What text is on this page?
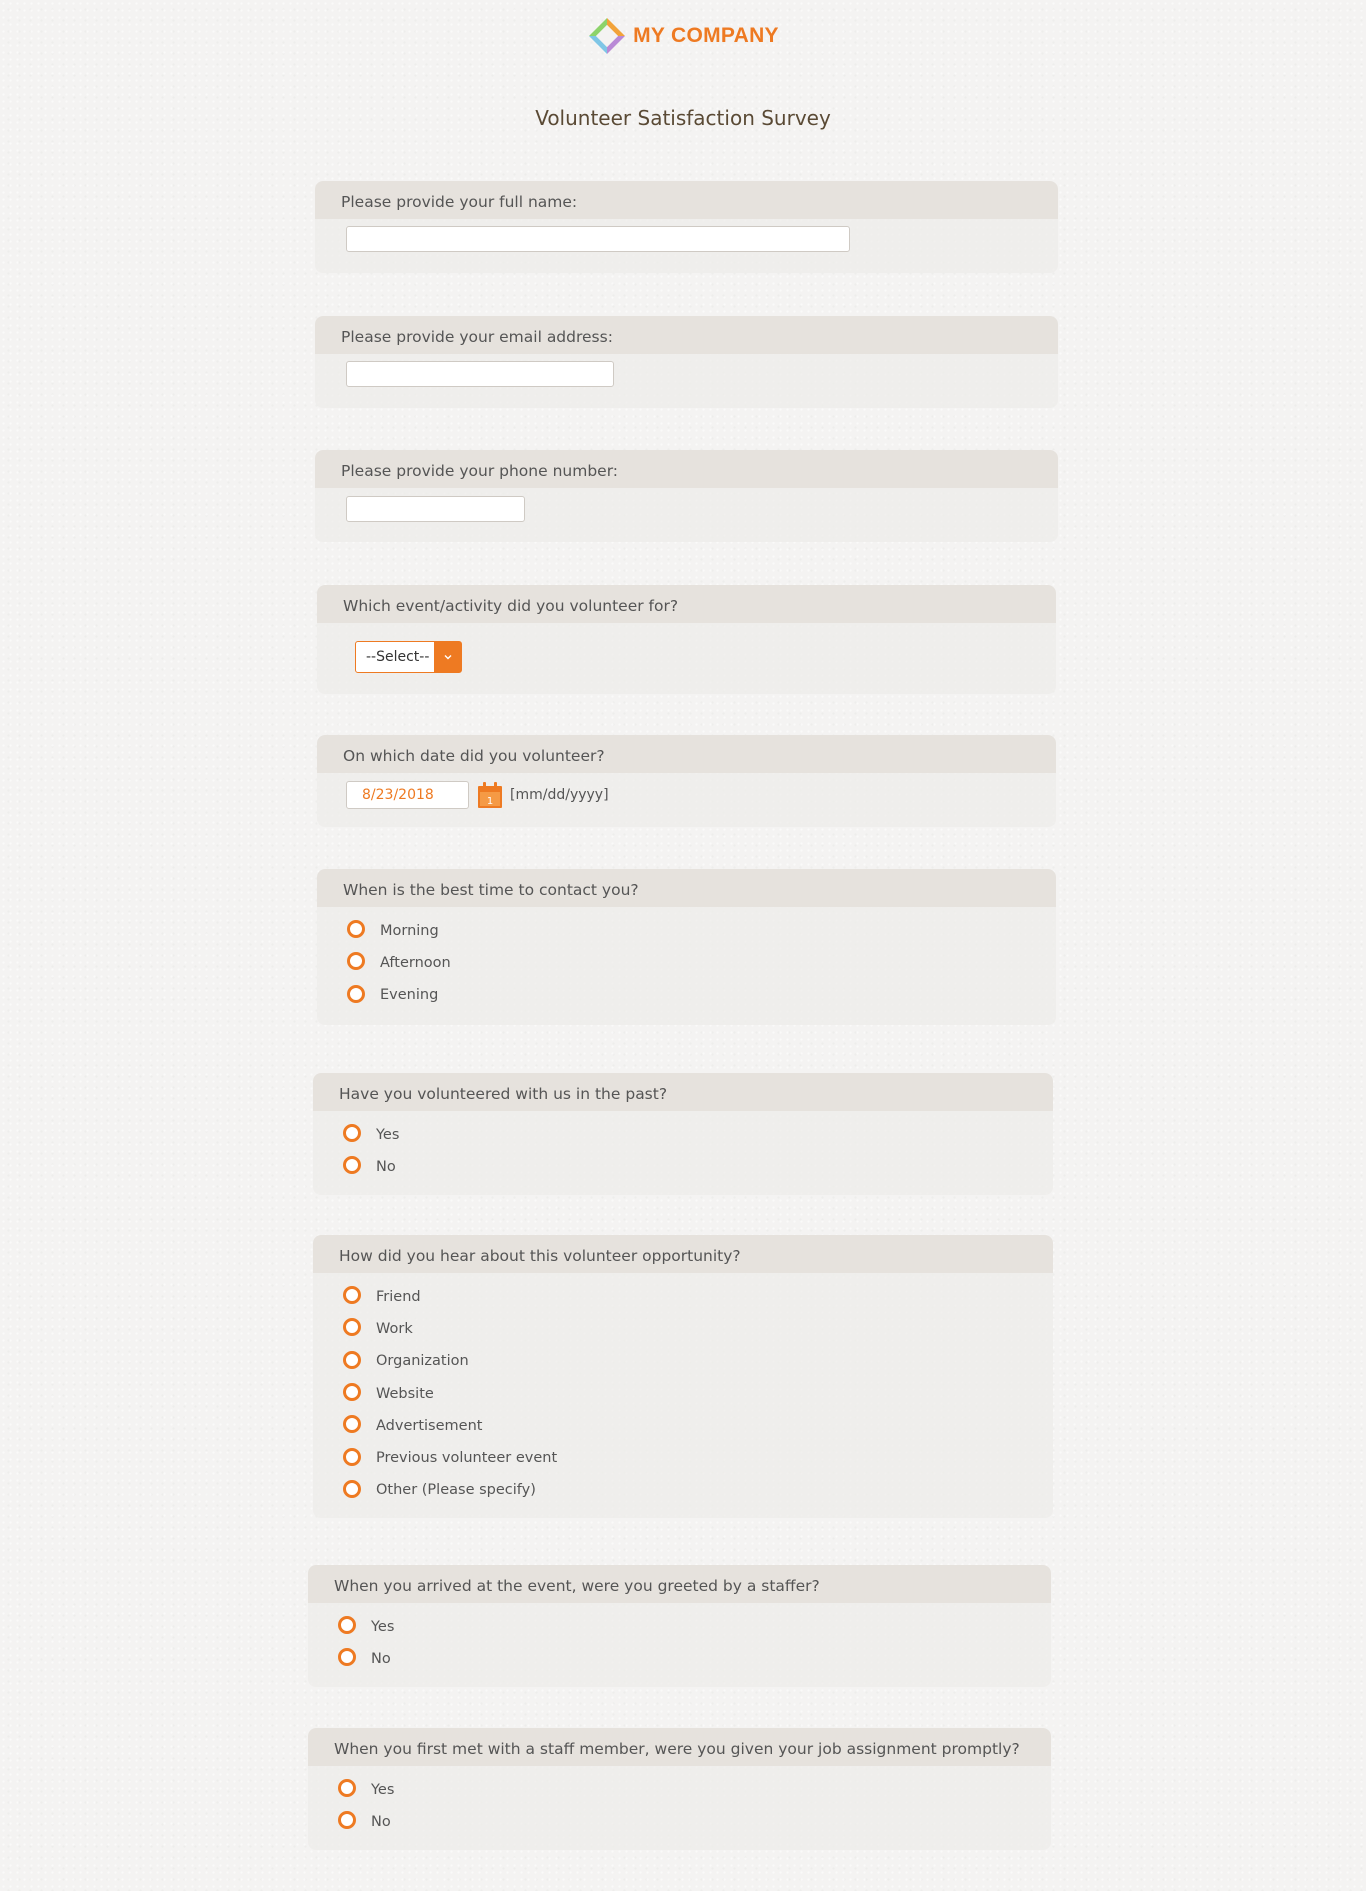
MY COMPANY
Volunteer Satisfaction Survey
Please provide your full name:
Please provide your email address:
Please provide your phone number:
Which event/activity did you volunteer for?
--Select--
On which date did you volunteer?
8/23/2018	1 [mm/dd/yyyy]
When is the best time to contact you?
Morning
Afternoon
Evening
Have you volunteered with us in the past?
Yes
No
How did you hear about this volunteer opportunity?
Friend
Work
Organization
Website
Advertisement
Previous volunteer event
Other (Please specify)
When you arrived at the event, were you greeted by a staffer?
Yes
No
When you first met with a staff member, were you given your job assignment promptly?
Yes
No
